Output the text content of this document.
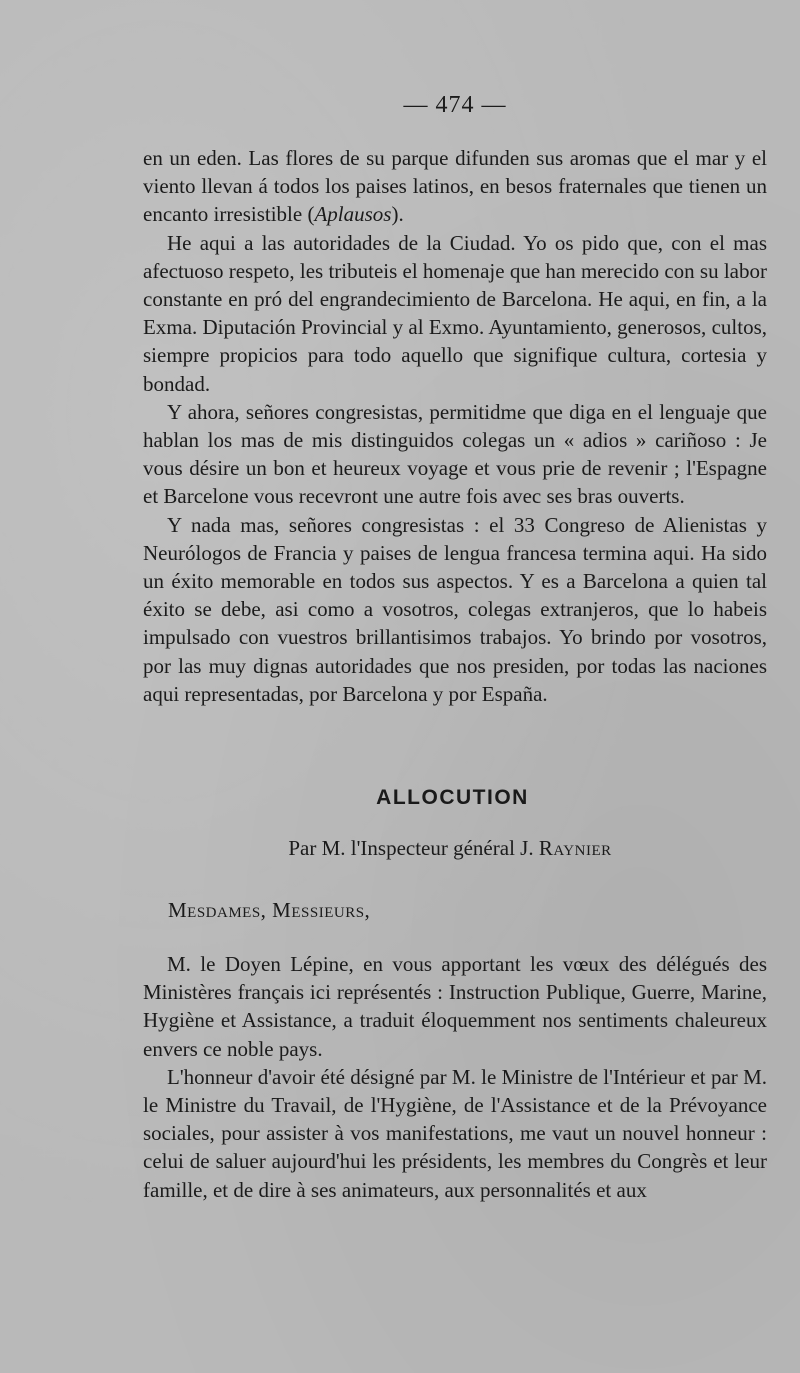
— 474 —

en un eden. Las flores de su parque difunden sus aromas que el mar y el viento llevan á todos los paises latinos, en besos fraternales que tienen un encanto irresistible (Aplausos).

He aqui a las autoridades de la Ciudad. Yo os pido que, con el mas afectuoso respeto, les tributeis el homenaje que han merecido con su labor constante en pró del engrandecimiento de Barcelona. He aqui, en fin, a la Exma. Diputación Provincial y al Exmo. Ayuntamiento, generosos, cultos, siempre propicios para todo aquello que signifique cultura, cortesia y bondad.

Y ahora, señores congresistas, permitidme que diga en el lenguaje que hablan los mas de mis distinguidos colegas un « adios » cariñoso : Je vous désire un bon et heureux voyage et vous prie de revenir ; l'Espagne et Barcelone vous recevront une autre fois avec ses bras ouverts.

Y nada mas, señores congresistas : el 33 Congreso de Alienistas y Neurólogos de Francia y paises de lengua francesa termina aqui. Ha sido un éxito memorable en todos sus aspectos. Y es a Barcelona a quien tal éxito se debe, asi como a vosotros, colegas extranjeros, que lo habeis impulsado con vuestros brillantisimos trabajos. Yo brindo por vosotros, por las muy dignas autoridades que nos presiden, por todas las naciones aqui representadas, por Barcelona y por España.

ALLOCUTION
Par M. l'Inspecteur général J. Raynier
Mesdames, Messieurs,

M. le Doyen Lépine, en vous apportant les vœux des délégués des Ministères français ici représentés : Instruction Publique, Guerre, Marine, Hygiène et Assistance, a traduit éloquemment nos sentiments chaleureux envers ce noble pays.

L'honneur d'avoir été désigné par M. le Ministre de l'Intérieur et par M. le Ministre du Travail, de l'Hygiène, de l'Assistance et de la Prévoyance sociales, pour assister à vos manifestations, me vaut un nouvel honneur : celui de saluer aujourd'hui les présidents, les membres du Congrès et leur famille, et de dire à ses animateurs, aux personnalités et aux
